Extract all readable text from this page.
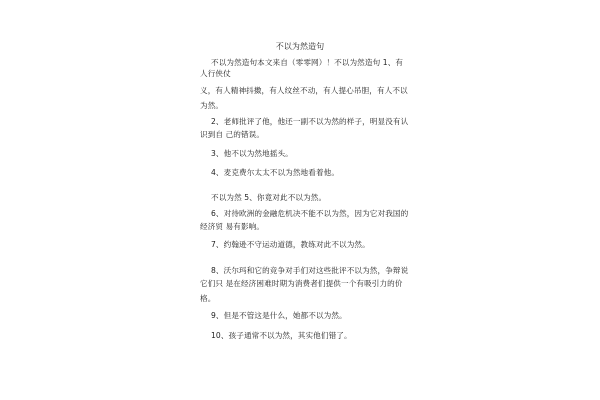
不以为然造句
不以为然造句本文来自（零零网）！不以为然造句 1、有
人行侠仗
义，有人精神抖擞，有人纹丝不动，有人提心吊胆，有人不以
为然。
2、老师批评了他，他还一副不以为然的样子，明显没有认
识到自 己的错误。
3、他不以为然地摇头。
4、麦克费尔太太不以为然地看着他。
不以为然 5、你竟对此不以为然。
6、对待欧洲的金融危机决不能不以为然，因为它对我国的
经济贸 易有影响。
7、约翰逊不守运动道德，教练对此不以为然。
8、沃尔玛和它的竞争对手们对这些批评不以为然，争辩说
它们只 是在经济困难时期为消费者们提供一个有吸引力的价
格。
9、但是不管这是什么，她都不以为然。
10、孩子通常不以为然，其实他们错了。
